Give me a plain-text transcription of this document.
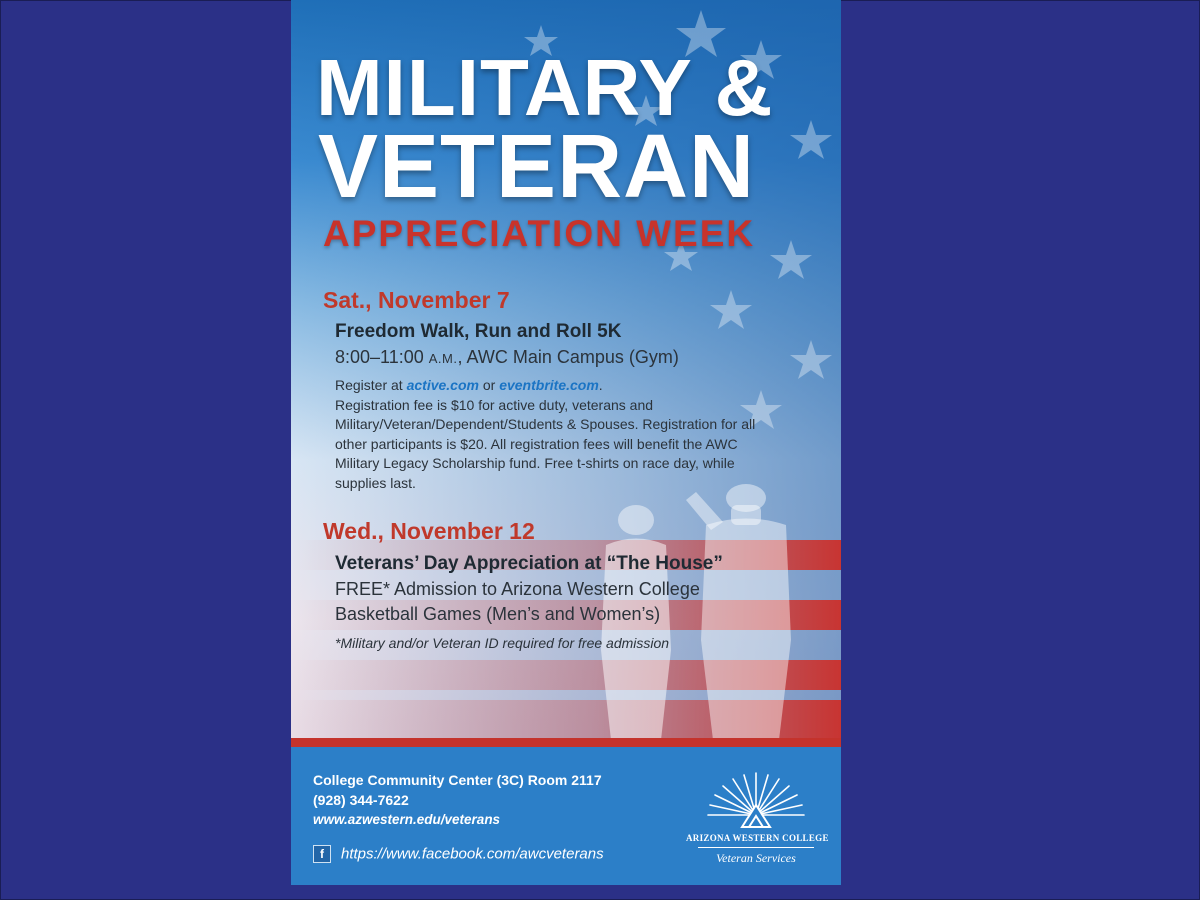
MILITARY &
VETERAN
APPRECIATION WEEK
Sat., November 7
Freedom Walk, Run and Roll 5K
8:00–11:00 A.M., AWC Main Campus (Gym)

Register at active.com or eventbrite.com.

Registration fee is $10 for active duty, veterans and Military/Veteran/Dependent/Students & Spouses. Registration for all other participants is $20. All registration fees will benefit the AWC Military Legacy Scholarship fund. Free t-shirts on race day, while supplies last.

Wed., November 12
Veterans’ Day Appreciation at “The House”
FREE* Admission to Arizona Western College
Basketball Games (Men’s and Women’s)
*Military and/or Veteran ID required for free admission
College Community Center (3C) Room 2117
(928) 344-7622
www.azwestern.edu/veterans
f https://www.facebook.com/awcveterans
ARIZONA WESTERN COLLEGE
Veteran Services
